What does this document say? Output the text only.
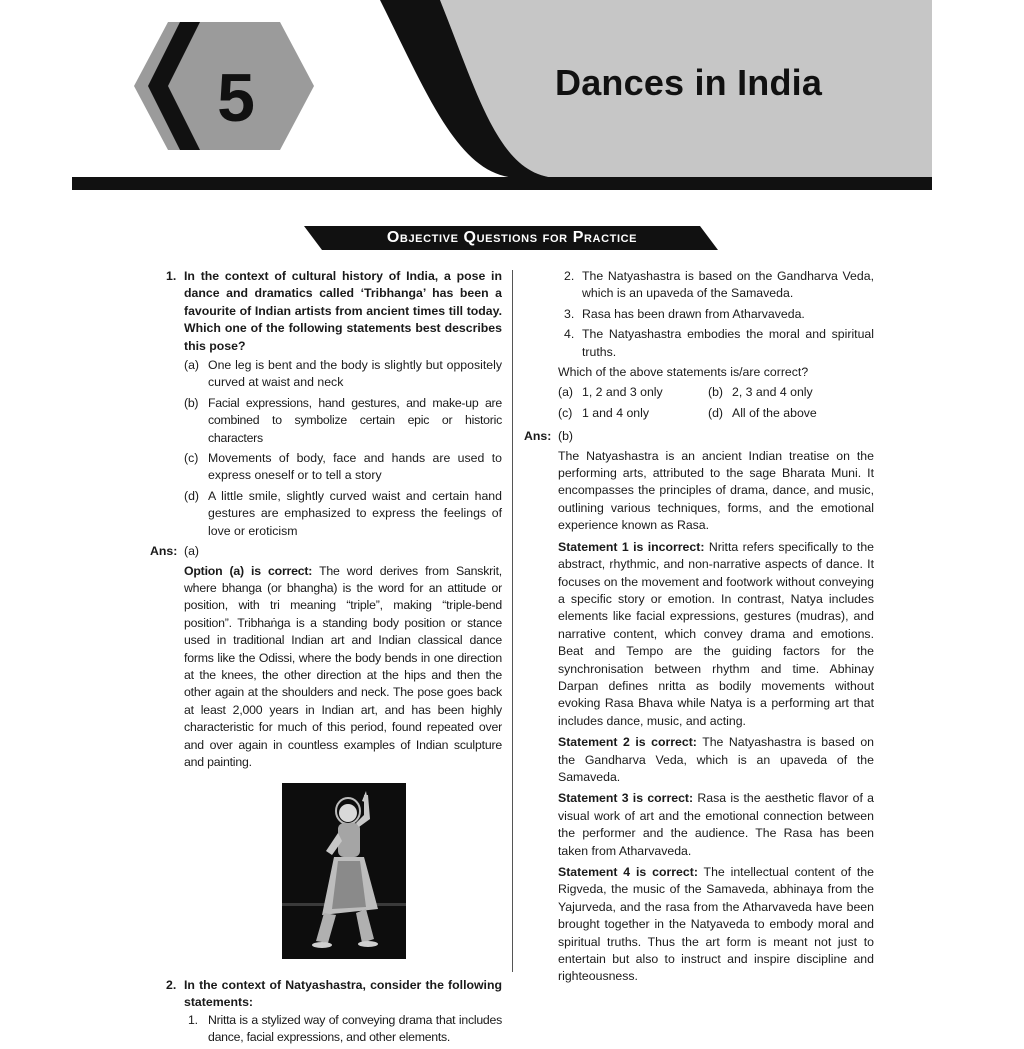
5	Dances in India
Objective Questions for Practice
1. In the context of cultural history of India, a pose in dance and dramatics called ‘Tribhanga’ has been a favourite of Indian artists from ancient times till today. Which one of the following statements best describes this pose?
(a) One leg is bent and the body is slightly but oppositely curved at waist and neck
(b) Facial expressions, hand gestures, and make-up are combined to symbolize certain epic or historic characters
(c) Movements of body, face and hands are used to express oneself or to tell a story
(d) A little smile, slightly curved waist and certain hand gestures are emphasized to express the feelings of love or eroticism
Ans: (a)
Option (a) is correct: The word derives from Sanskrit, where bhanga (or bhangha) is the word for an attitude or position, with tri meaning “triple”, making “triple-bend position”. Tribhaṅga is a standing body position or stance used in traditional Indian art and Indian classical dance forms like the Odissi, where the body bends in one direction at the knees, the other direction at the hips and then the other again at the shoulders and neck. The pose goes back at least 2,000 years in Indian art, and has been highly characteristic for much of this period, found repeated over and over again in countless examples of Indian sculpture and painting.
2. In the context of Natyashastra, consider the following statements:
1. Nritta is a stylized way of conveying drama that includes dance, facial expressions, and other elements.
2. The Natyashastra is based on the Gandharva Veda, which is an upaveda of the Samaveda.
3. Rasa has been drawn from Atharvaveda.
4. The Natyashastra embodies the moral and spiritual truths.
Which of the above statements is/are correct?
(a) 1, 2 and 3 only	(b) 2, 3 and 4 only
(c) 1 and 4 only	(d) All of the above
Ans: (b)
The Natyashastra is an ancient Indian treatise on the performing arts, attributed to the sage Bharata Muni. It encompasses the principles of drama, dance, and music, outlining various techniques, forms, and the emotional experience known as Rasa.
Statement 1 is incorrect: Nritta refers specifically to the abstract, rhythmic, and non-narrative aspects of dance. It focuses on the movement and footwork without conveying a specific story or emotion. In contrast, Natya includes elements like facial expressions, gestures (mudras), and narrative content, which convey drama and emotions. Beat and Tempo are the guiding factors for the synchronisation between rhythm and time. Abhinay Darpan defines nritta as bodily movements without evoking Rasa Bhava while Natya is a performing art that includes dance, music, and acting.
Statement 2 is correct: The Natyashastra is based on the Gandharva Veda, which is an upaveda of the Samaveda.
Statement 3 is correct: Rasa is the aesthetic flavor of a visual work of art and the emotional connection between the performer and the audience. The Rasa has been taken from Atharvaveda.
Statement 4 is correct: The intellectual content of the Rigveda, the music of the Samaveda, abhinaya from the Yajurveda, and the rasa from the Atharvaveda have been brought together in the Natyaveda to embody moral and spiritual truths. Thus the art form is meant not just to entertain but also to instruct and inspire discipline and righteousness.
